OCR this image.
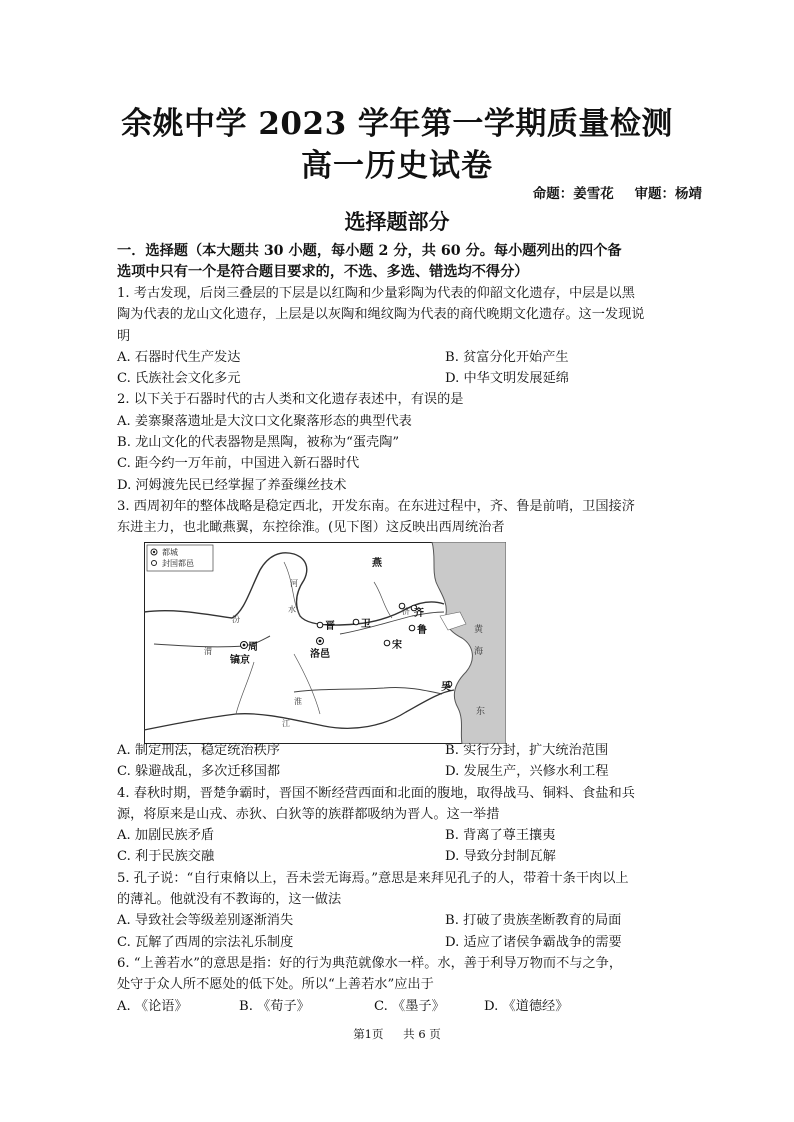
余姚中学 2023 学年第一学期质量检测
高一历史试卷
命题：姜雪花 审题：杨靖
选择题部分

一．选择题（本大题共 30 小题，每小题 2 分，共 60 分。每小题列出的四个备

选项中只有一个是符合题目要求的，不选、多选、错选均不得分）

1. 考古发现，后岗三叠层的下层是以红陶和少量彩陶为代表的仰韶文化遗存，中层是以黑

陶为代表的龙山文化遗存，上层是以灰陶和绳纹陶为代表的商代晚期文化遗存。这一发现说

明

A. 石器时代生产发达	B. 贫富分化开始产生
C. 氏族社会文化多元	D. 中华文明发展延绵

2. 以下关于石器时代的古人类和文化遗存表述中，有误的是

A. 姜寨聚落遗址是大汶口文化聚落形态的典型代表

B. 龙山文化的代表器物是黑陶，被称为“蛋壳陶”

C. 距今约一万年前，中国进入新石器时代

D. 河姆渡先民已经掌握了养蚕缫丝技术

3. 西周初年的整体战略是稳定西北，开发东南。在东进过程中，齐、鲁是前哨，卫国接济

东进主力，也北瞰燕翼，东控徐淮。(见下图）这反映出西周统治者

都城
封国都邑
周
镐京
洛邑
晋	卫
宋
燕
齐
鲁
吴
河
水
汾
渭
济
淮
江
黄
海
东
A. 制定刑法，稳定统治秩序	B. 实行分封，扩大统治范围
C. 躲避战乱，多次迁移国都	D. 发展生产，兴修水利工程

4. 春秋时期，晋楚争霸时，晋国不断经营西面和北面的腹地，取得战马、铜料、食盐和兵

源，将原来是山戎、赤狄、白狄等的族群都吸纳为晋人。这一举措

A. 加剧民族矛盾	B. 背离了尊王攘夷
C. 利于民族交融	D. 导致分封制瓦解

5. 孔子说：“自行束脩以上，吾未尝无诲焉。”意思是来拜见孔子的人，带着十条干肉以上

的薄礼。他就没有不教诲的，这一做法

A. 导致社会等级差别逐渐消失	B. 打破了贵族垄断教育的局面
C. 瓦解了西周的宗法礼乐制度	D. 适应了诸侯争霸战争的需要

6. “上善若水”的意思是指：好的行为典范就像水一样。水，善于利导万物而不与之争，

处守于众人所不愿处的低下处。所以“上善若水”应出于

A. 《论语》	B. 《荀子》	C. 《墨子》	D. 《道德经》
第1页 共 6 页
